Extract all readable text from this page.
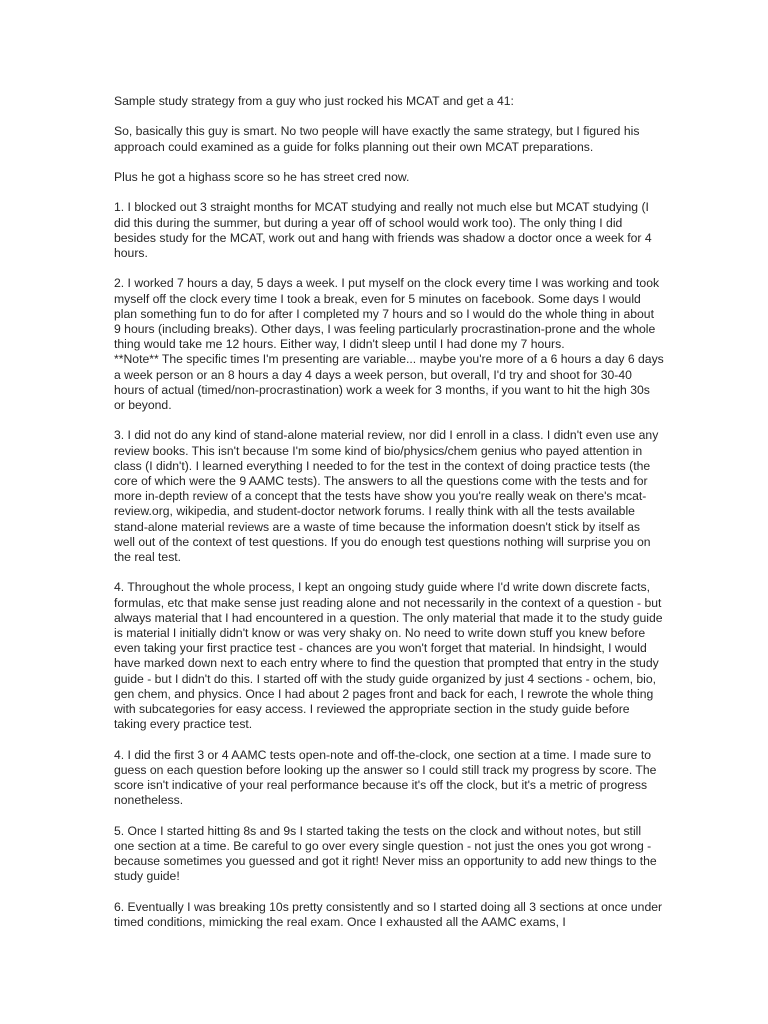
Sample study strategy from a guy who just rocked his MCAT and get a 41:

So, basically this guy is smart. No two people will have exactly the same strategy, but I figured his approach could examined as a guide for folks planning out their own MCAT preparations.

Plus he got a highass score so he has street cred now.

1. I blocked out 3 straight months for MCAT studying and really not much else but MCAT studying (I did this during the summer, but during a year off of school would work too). The only thing I did besides study for the MCAT, work out and hang with friends was shadow a doctor once a week for 4 hours.

2. I worked 7 hours a day, 5 days a week. I put myself on the clock every time I was working and took myself off the clock every time I took a break, even for 5 minutes on facebook. Some days I would plan something fun to do for after I completed my 7 hours and so I would do the whole thing in about 9 hours (including breaks). Other days, I was feeling particularly procrastination-prone and the whole thing would take me 12 hours. Either way, I didn't sleep until I had done my 7 hours.

**Note** The specific times I'm presenting are variable... maybe you're more of a 6 hours a day 6 days a week person or an 8 hours a day 4 days a week person, but overall, I'd try and shoot for 30-40 hours of actual (timed/non-procrastination) work a week for 3 months, if you want to hit the high 30s or beyond.

3. I did not do any kind of stand-alone material review, nor did I enroll in a class. I didn't even use any review books. This isn't because I'm some kind of bio/physics/chem genius who payed attention in class (I didn't). I learned everything I needed to for the test in the context of doing practice tests (the core of which were the 9 AAMC tests). The answers to all the questions come with the tests and for more in-depth review of a concept that the tests have show you you're really weak on there's mcat-review.org, wikipedia, and student-doctor network forums. I really think with all the tests available stand-alone material reviews are a waste of time because the information doesn't stick by itself as well out of the context of test questions. If you do enough test questions nothing will surprise you on the real test.

4. Throughout the whole process, I kept an ongoing study guide where I'd write down discrete facts, formulas, etc that make sense just reading alone and not necessarily in the context of a question - but always material that I had encountered in a question. The only material that made it to the study guide is material I initially didn't know or was very shaky on. No need to write down stuff you knew before even taking your first practice test - chances are you won't forget that material. In hindsight, I would have marked down next to each entry where to find the question that prompted that entry in the study guide - but I didn't do this. I started off with the study guide organized by just 4 sections - ochem, bio, gen chem, and physics. Once I had about 2 pages front and back for each, I rewrote the whole thing with subcategories for easy access. I reviewed the appropriate section in the study guide before taking every practice test.

4. I did the first 3 or 4 AAMC tests open-note and off-the-clock, one section at a time. I made sure to guess on each question before looking up the answer so I could still track my progress by score. The score isn't indicative of your real performance because it's off the clock, but it's a metric of progress nonetheless.

5. Once I started hitting 8s and 9s I started taking the tests on the clock and without notes, but still one section at a time. Be careful to go over every single question - not just the ones you got wrong - because sometimes you guessed and got it right! Never miss an opportunity to add new things to the study guide!

6. Eventually I was breaking 10s pretty consistently and so I started doing all 3 sections at once under timed conditions, mimicking the real exam. Once I exhausted all the AAMC exams, I
